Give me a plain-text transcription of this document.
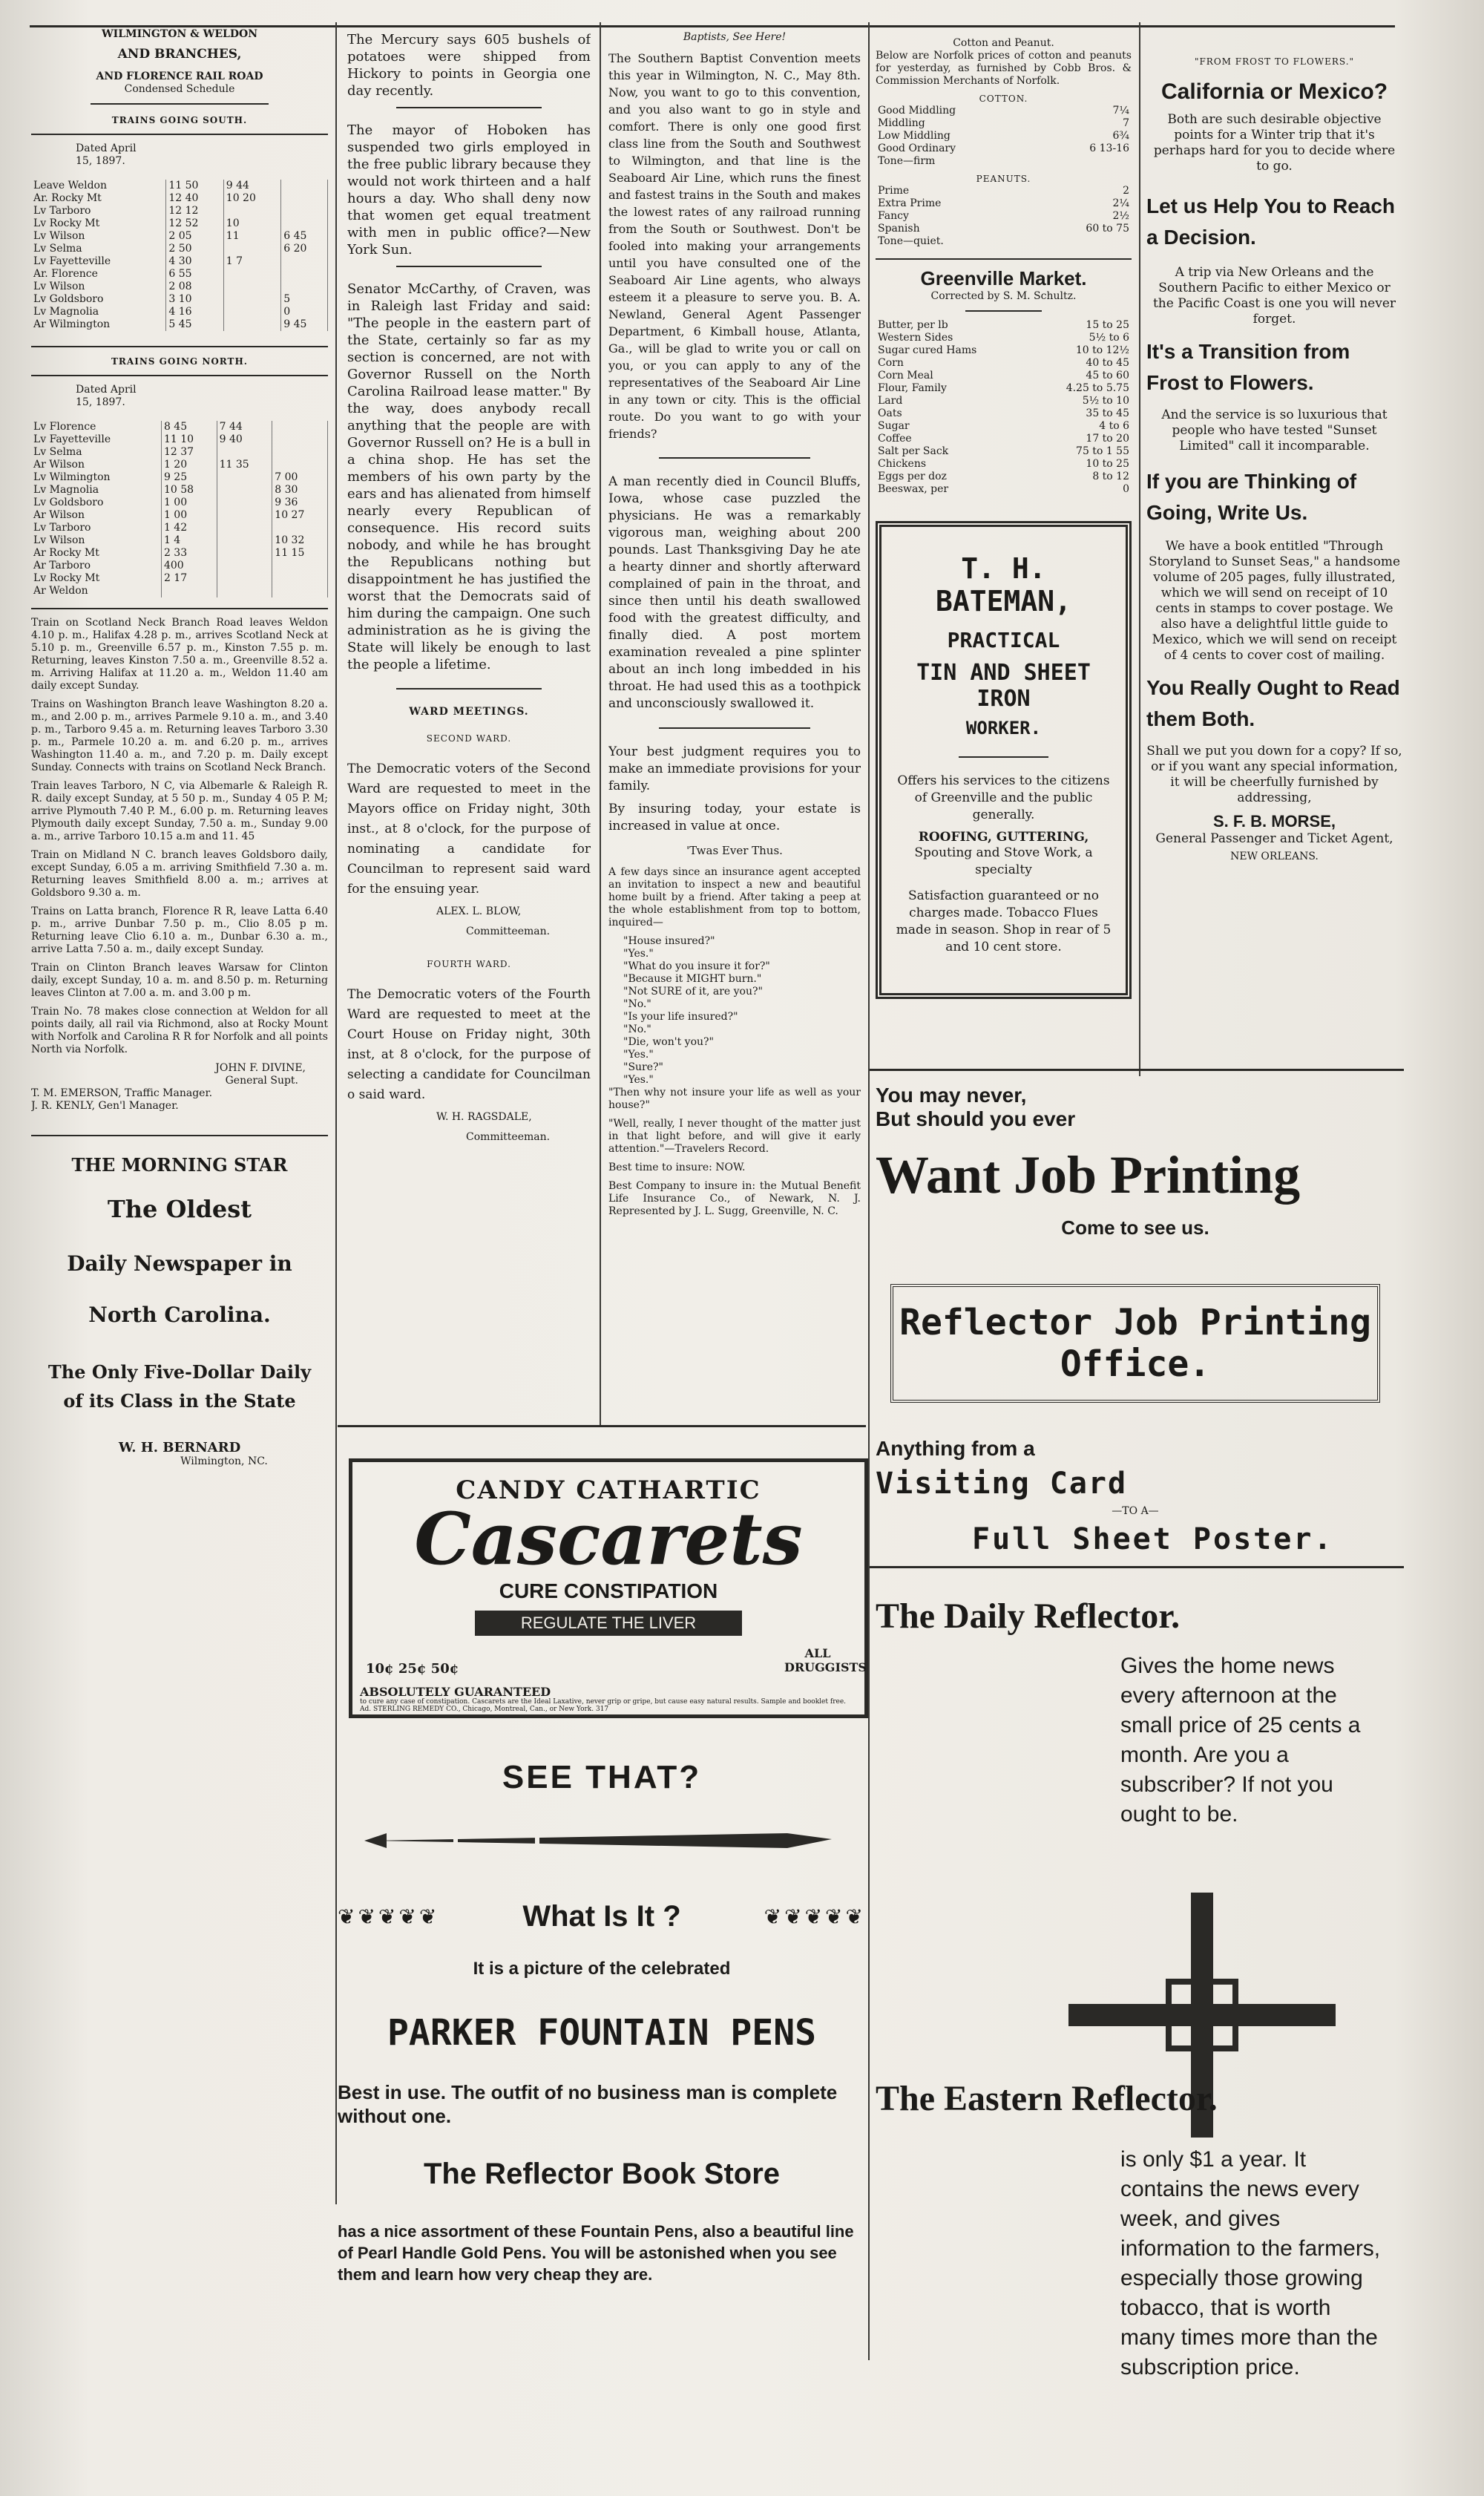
WILMINGTON & WELDON
AND BRANCHES,
AND FLORENCE RAIL ROAD
Condensed Schedule
TRAINS GOING SOUTH.
Dated April 15, 1897.
Leave Weldon	11 50	9 44	
Ar. Rocky Mt	12 40	10 20	
Lv Tarboro	12 12		
Lv Rocky Mt	12 52	10	
Lv Wilson	2 05	11	6 45
Lv Selma	2 50		6 20
Lv Fayetteville	4 30	1 7	
Ar. Florence	6 55		
Lv Wilson	2 08		
Lv Goldsboro	3 10		5
Lv Magnolia	4 16		0
Ar Wilmington	5 45		9 45
TRAINS GOING NORTH.
Dated April 15, 1897.
Lv Florence	8 45	7 44	
Lv Fayetteville	11 10	9 40	
Lv Selma	12 37		
Ar Wilson	1 20	11 35	
Lv Wilmington	9 25		7 00
Lv Magnolia	10 58		8 30
Lv Goldsboro	1 00		9 36
Ar Wilson	1 00		10 27
Lv Tarboro	1 42		
Lv Wilson	1 4		10 32
Ar Rocky Mt	2 33		11 15
Ar Tarboro	400		
Lv Rocky Mt	2 17		
Ar Weldon			

Train on Scotland Neck Branch Road leaves Weldon 4.10 p. m., Halifax 4.28 p. m., arrives Scotland Neck at 5.10 p. m., Greenville 6.57 p. m., Kinston 7.55 p. m. Returning, leaves Kinston 7.50 a. m., Greenville 8.52 a. m. Arriving Halifax at 11.20 a. m., Weldon 11.40 am daily except Sunday.

Trains on Washington Branch leave Washington 8.20 a. m., and 2.00 p. m., arrives Parmele 9.10 a. m., and 3.40 p. m., Tarboro 9.45 a. m. Returning leaves Tarboro 3.30 p. m., Parmele 10.20 a. m. and 6.20 p. m., arrives Washington 11.40 a. m., and 7.20 p. m. Daily except Sunday. Connects with trains on Scotland Neck Branch.

Train leaves Tarboro, N C, via Albemarle & Raleigh R. R. daily except Sunday, at 5 50 p. m., Sunday 4 05 P. M; arrive Plymouth 7.40 P. M., 6.00 p. m. Returning leaves Plymouth daily except Sunday, 7.50 a. m., Sunday 9.00 a. m., arrive Tarboro 10.15 a.m and 11. 45

Train on Midland N C. branch leaves Goldsboro daily, except Sunday, 6.05 a m. arriving Smithfield 7.30 a. m. Returning leaves Smithfield 8.00 a. m.; arrives at Goldsboro 9.30 a. m.

Trains on Latta branch, Florence R R, leave Latta 6.40 p. m., arrive Dunbar 7.50 p. m., Clio 8.05 p m. Returning leave Clio 6.10 a. m., Dunbar 6.30 a. m., arrive Latta 7.50 a. m., daily except Sunday.

Train on Clinton Branch leaves Warsaw for Clinton daily, except Sunday, 10 a. m. and 8.50 p. m. Returning leaves Clinton at 7.00 a. m. and 3.00 p m.

Train No. 78 makes close connection at Weldon for all points daily, all rail via Richmond, also at Rocky Mount with Norfolk and Carolina R R for Norfolk and all points North via Norfolk.

JOHN F. DIVINE,
General Supt.
T. M. EMERSON, Traffic Manager.
J. R. KENLY, Gen'l Manager.
THE MORNING STAR
The Oldest
Daily Newspaper in
North Carolina.
The Only Five-Dollar Daily
of its Class in the State
W. H. BERNARD
Wilmington, NC.

The Mercury says 605 bushels of potatoes were shipped from Hickory to points in Georgia one day recently.

The mayor of Hoboken has suspended two girls employed in the free public library because they would not work thirteen and a half hours a day. Who shall deny now that women get equal treatment with men in public office?—New York Sun.

Senator McCarthy, of Craven, was in Raleigh last Friday and said: "The people in the eastern part of the State, certainly so far as my section is concerned, are not with Governor Russell on the North Carolina Railroad lease matter." By the way, does anybody recall anything that the people are with Governor Russell on? He is a bull in a china shop. He has set the members of his own party by the ears and has alienated from himself nearly every Republican of consequence. His record suits nobody, and while he has brought the Republicans nothing but disappointment he has justified the worst that the Democrats said of him during the campaign. One such administration as he is giving the State will likely be enough to last the people a lifetime.

WARD MEETINGS.
SECOND WARD.

The Democratic voters of the Second Ward are requested to meet in the Mayors office on Friday night, 30th inst., at 8 o'clock, for the purpose of nominating a candidate for Councilman to represent said ward for the ensuing year.

ALEX. L. BLOW,
Committeeman.
FOURTH WARD.

The Democratic voters of the Fourth Ward are requested to meet at the Court House on Friday night, 30th inst, at 8 o'clock, for the purpose of selecting a candidate for Councilman o said ward.

W. H. RAGSDALE,
Committeeman.
Baptists, See Here!

The Southern Baptist Convention meets this year in Wilmington, N. C., May 8th. Now, you want to go to this convention, and you also want to go in style and comfort. There is only one good first class line from the South and Southwest to Wilmington, and that line is the Seaboard Air Line, which runs the finest and fastest trains in the South and makes the lowest rates of any railroad running from the South or Southwest. Don't be fooled into making your arrangements until you have consulted one of the Seaboard Air Line agents, who always esteem it a pleasure to serve you. B. A. Newland, General Agent Passenger Department, 6 Kimball house, Atlanta, Ga., will be glad to write you or call on you, or you can apply to any of the representatives of the Seaboard Air Line in any town or city. This is the official route. Do you want to go with your friends?

A man recently died in Council Bluffs, Iowa, whose case puzzled the physicians. He was a remarkably vigorous man, weighing about 200 pounds. Last Thanksgiving Day he ate a hearty dinner and shortly afterward complained of pain in the throat, and since then until his death swallowed food with the greatest difficulty, and finally died. A post mortem examination revealed a pine splinter about an inch long imbedded in his throat. He had used this as a toothpick and unconsciously swallowed it.

Your best judgment requires you to make an immediate provisions for your family.

By insuring today, your estate is increased in value at once.

'Twas Ever Thus.

A few days since an insurance agent accepted an invitation to inspect a new and beautiful home built by a friend. After taking a peep at the whole establishment from top to bottom, inquired—

"House insured?"
"Yes."
"What do you insure it for?"
"Because it MIGHT burn."
"Not SURE of it, are you?"
"No."
"Is your life insured?"
"No."
"Die, won't you?"
"Yes."
"Sure?"
"Yes."

"Then why not insure your life as well as your house?"

"Well, really, I never thought of the matter just in that light before, and will give it early attention."—Travelers Record.

Best time to insure: NOW.

Best Company to insure in: the Mutual Benefit Life Insurance Co., of Newark, N. J. Represented by J. L. Sugg, Greenville, N. C.

Cotton and Peanut.

Below are Norfolk prices of cotton and peanuts for yesterday, as furnished by Cobb Bros. & Commission Merchants of Norfolk.

COTTON.
Good Middling	7¼
Middling	7
Low Middling	6¾
Good Ordinary	6 13-16
Tone—firm	
PEANUTS.
Prime	2
Extra Prime	2¼
Fancy	2½
Spanish	60 to 75
Tone—quiet.	
Greenville Market.
Corrected by S. M. Schultz.
Butter, per lb	15 to 25
Western Sides	5½ to 6
Sugar cured Hams	10 to 12½
Corn	40 to 45
Corn Meal	45 to 60
Flour, Family	4.25 to 5.75
Lard	5½ to 10
Oats	35 to 45
Sugar	4 to 6
Coffee	17 to 20
Salt per Sack	75 to 1 55
Chickens	10 to 25
Eggs per doz	8 to 12
Beeswax, per	0
T. H. BATEMAN,
PRACTICAL
TIN AND SHEET IRON
WORKER.

Offers his services to the citizens of Greenville and the public generally.

ROOFING, GUTTERING,
Spouting and Stove Work, a specialty

Satisfaction guaranteed or no charges made. Tobacco Flues made in season. Shop in rear of 5 and 10 cent store.

"FROM FROST TO FLOWERS."
California or Mexico?

Both are such desirable objective points for a Winter trip that it's perhaps hard for you to decide where to go.

Let us Help You to Reach a Decision.

A trip via New Orleans and the Southern Pacific to either Mexico or the Pacific Coast is one you will never forget.

It's a Transition from Frost to Flowers.

And the service is so luxurious that people who have tested "Sunset Limited" call it incomparable.

If you are Thinking of Going, Write Us.

We have a book entitled "Through Storyland to Sunset Seas," a handsome volume of 205 pages, fully illustrated, which we will send on receipt of 10 cents in stamps to cover postage. We also have a delightful little guide to Mexico, which we will send on receipt of 4 cents to cover cost of mailing.

You Really Ought to Read them Both.

Shall we put you down for a copy? If so, or if you want any special information, it will be cheerfully furnished by addressing,

S. F. B. MORSE,
General Passenger and Ticket Agent,
NEW ORLEANS.
CANDY CATHARTIC
Cascarets
CURE CONSTIPATION
REGULATE THE LIVER
10¢ 25¢ 50¢
ALL DRUGGISTS
ABSOLUTELY GUARANTEED
to cure any case of constipation. Cascarets are the Ideal Laxative, never grip or gripe, but cause easy natural results. Sample and booklet free. Ad. STERLING REMEDY CO., Chicago, Montreal, Can., or New York. 317
SEE THAT?
❦❦❦❦❦	What Is It ?	❦❦❦❦❦
It is a picture of the celebrated
PARKER FOUNTAIN PENS
Best in use. The outfit of no business man is complete without one.
The Reflector Book Store
has a nice assortment of these Fountain Pens, also a beautiful line of Pearl Handle Gold Pens. You will be astonished when you see them and learn how very cheap they are.
You may never,
But should you ever
Want Job Printing
Come to see us.
Reflector Job Printing Office.
Anything from a
Visiting Card
—TO A—
Full Sheet Poster.
The Daily Reflector.
Gives the home news every afternoon at the small price of 25 cents a month. Are you a subscriber? If not you ought to be.
The Eastern Reflector.
is only $1 a year. It contains the news every week, and gives information to the farmers, especially those growing tobacco, that is worth many times more than the subscription price.
